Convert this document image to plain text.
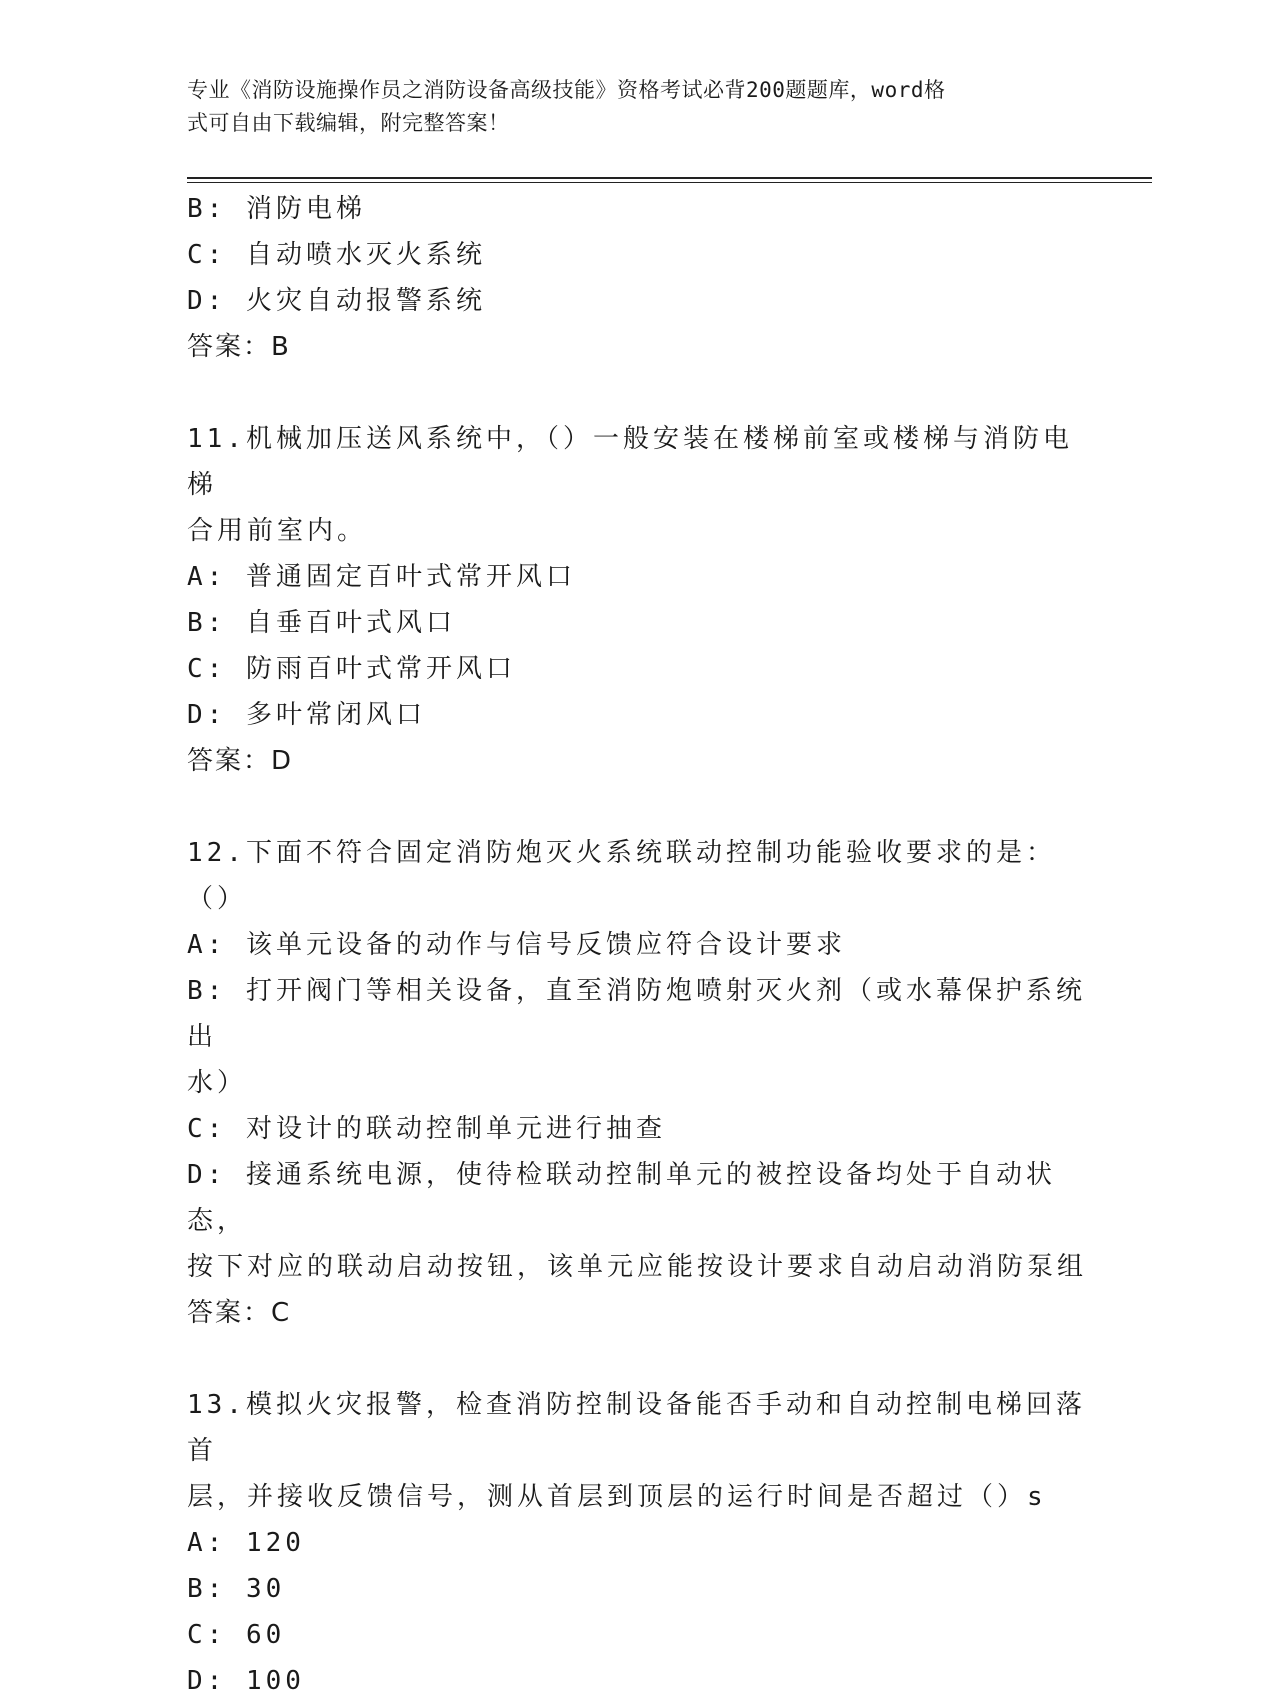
专业《消防设施操作员之消防设备高级技能》资格考试必背200题题库，word格
式可自由下载编辑，附完整答案！

B: 消防电梯

C: 自动喷水灭火系统

D: 火灾自动报警系统

答案：B

11.机械加压送风系统中，（）一般安装在楼梯前室或楼梯与消防电梯

合用前室内。

A: 普通固定百叶式常开风口

B: 自垂百叶式风口

C: 防雨百叶式常开风口

D: 多叶常闭风口

答案：D

12.下面不符合固定消防炮灭火系统联动控制功能验收要求的是：（）

A: 该单元设备的动作与信号反馈应符合设计要求

B: 打开阀门等相关设备，直至消防炮喷射灭火剂（或水幕保护系统出

水）

C: 对设计的联动控制单元进行抽查

D: 接通系统电源，使待检联动控制单元的被控设备均处于自动状态，

按下对应的联动启动按钮，该单元应能按设计要求自动启动消防泵组

答案：C

13.模拟火灾报警，检查消防控制设备能否手动和自动控制电梯回落首

层，并接收反馈信号，测从首层到顶层的运行时间是否超过（）s

A: 120

B: 30

C: 60

D: 100
